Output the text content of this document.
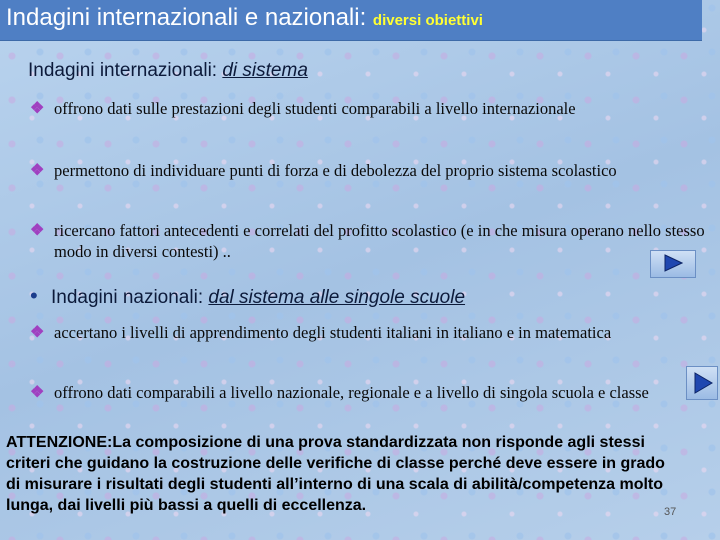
Indagini internazionali e nazionali: diversi obiettivi
Indagini internazionali: di sistema
❖ offrono dati sulle prestazioni degli studenti comparabili a livello internazionale
❖ permettono di individuare punti di forza e di debolezza del proprio sistema scolastico
❖ ricercano fattori antecedenti e correlati del profitto scolastico (e in che misura operano nello stesso modo in diversi contesti) ..
• Indagini nazionali: dal sistema alle singole scuole
❖ accertano i livelli di apprendimento degli studenti italiani in italiano e in matematica
❖ offrono dati comparabili a livello nazionale, regionale e a livello di singola scuola e classe
ATTENZIONE:La composizione di una prova standardizzata non risponde agli stessi criteri che guidano la costruzione delle verifiche di classe perché deve essere in grado di misurare i risultati degli studenti all’interno di una scala di abilità/competenza molto lunga, dai livelli più bassi a quelli di eccellenza.	37
